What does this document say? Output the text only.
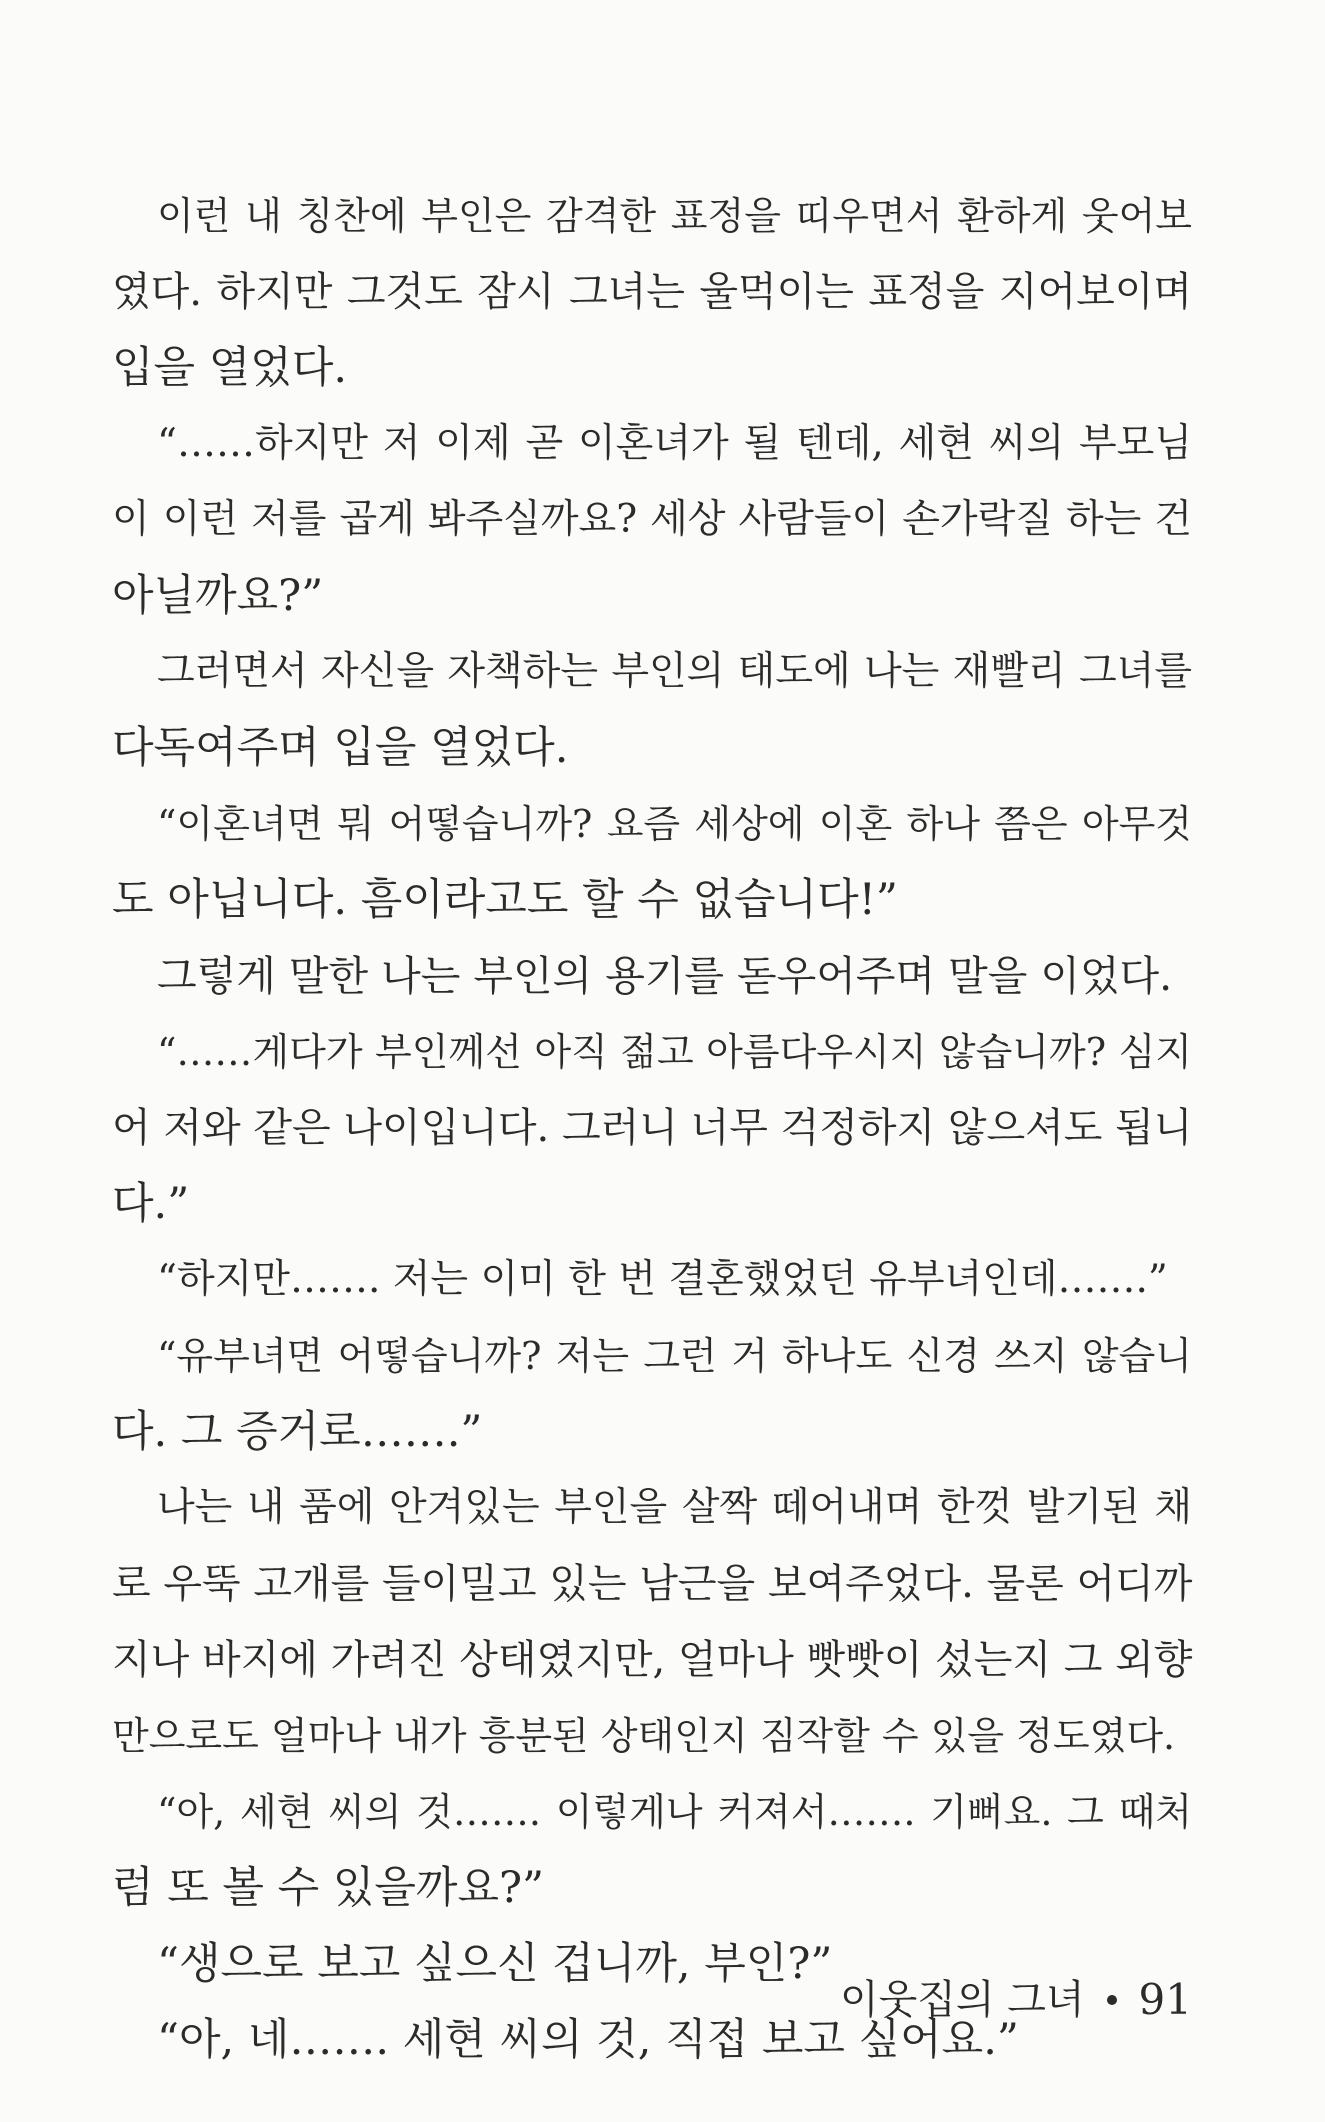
이런 내 칭찬에 부인은 감격한 표정을 띠우면서 환하게 웃어보
였다. 하지만 그것도 잠시 그녀는 울먹이는 표정을 지어보이며
입을 열었다.
“……하지만 저 이제 곧 이혼녀가 될 텐데, 세현 씨의 부모님
이 이런 저를 곱게 봐주실까요? 세상 사람들이 손가락질 하는 건
아닐까요?”
그러면서 자신을 자책하는 부인의 태도에 나는 재빨리 그녀를
다독여주며 입을 열었다.
“이혼녀면 뭐 어떻습니까? 요즘 세상에 이혼 하나 쯤은 아무것
도 아닙니다. 흠이라고도 할 수 없습니다!”
그렇게 말한 나는 부인의 용기를 돋우어주며 말을 이었다.
“……게다가 부인께선 아직 젊고 아름다우시지 않습니까? 심지
어 저와 같은 나이입니다. 그러니 너무 걱정하지 않으셔도 됩니
다.”
“하지만……. 저는 이미 한 번 결혼했었던 유부녀인데…….”
“유부녀면 어떻습니까? 저는 그런 거 하나도 신경 쓰지 않습니
다. 그 증거로…….”
나는 내 품에 안겨있는 부인을 살짝 떼어내며 한껏 발기된 채
로 우뚝 고개를 들이밀고 있는 남근을 보여주었다. 물론 어디까
지나 바지에 가려진 상태였지만, 얼마나 빳빳이 섰는지 그 외향
만으로도 얼마나 내가 흥분된 상태인지 짐작할 수 있을 정도였다.
“아, 세현 씨의 것……. 이렇게나 커져서……. 기뻐요. 그 때처
럼 또 볼 수 있을까요?”
“생으로 보고 싶으신 겁니까, 부인?”
“아, 네……. 세현 씨의 것, 직접 보고 싶어요.”
이웃집의 그녀 91
